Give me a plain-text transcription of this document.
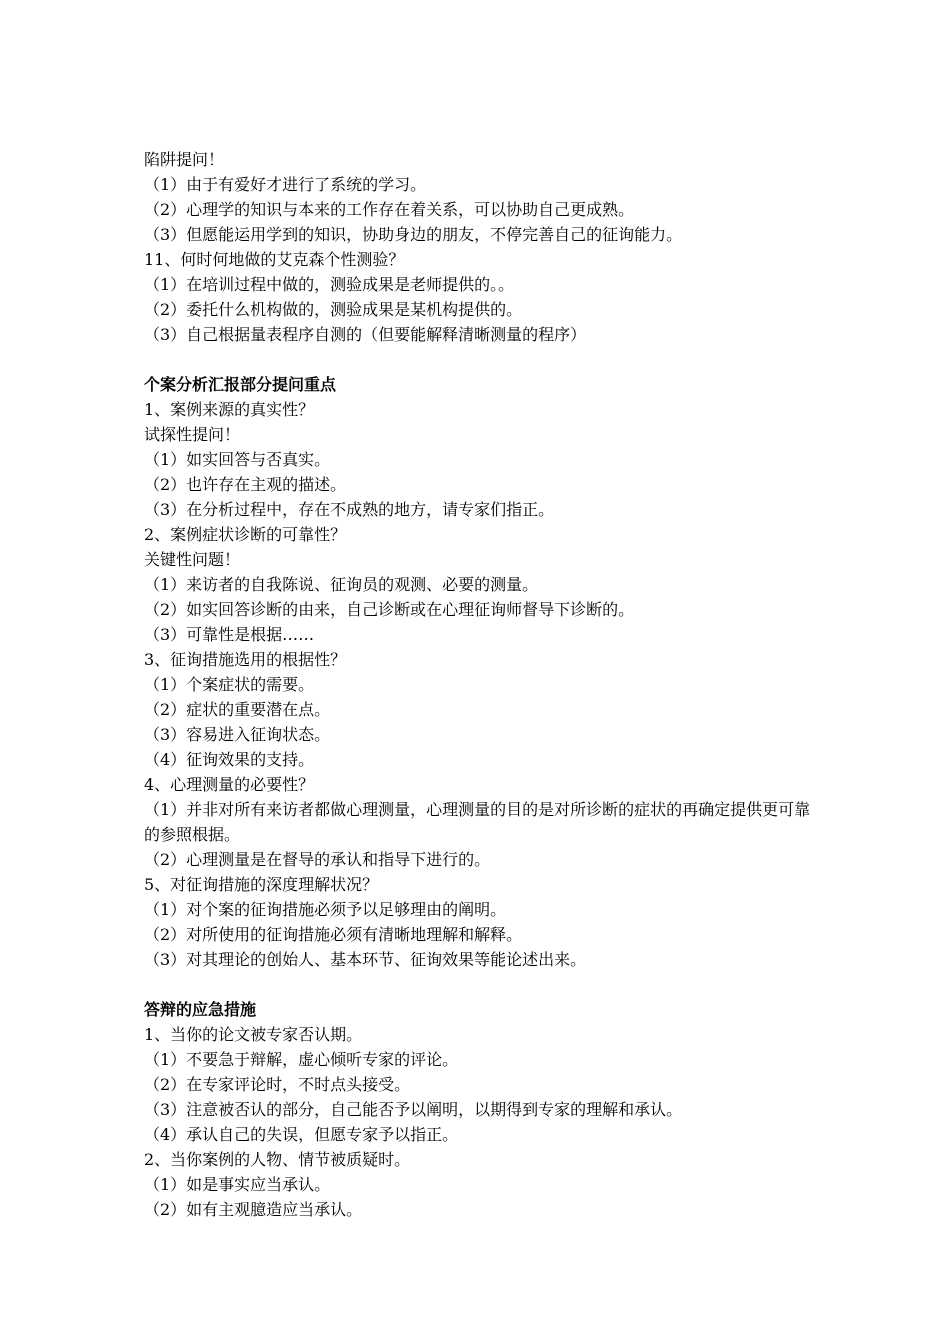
陷阱提问！
（1）由于有爱好才进行了系统的学习。
（2）心理学的知识与本来的工作存在着关系，可以协助自己更成熟。
（3）但愿能运用学到的知识，协助身边的朋友，不停完善自己的征询能力。
11、何时何地做的艾克森个性测验？
（1）在培训过程中做的，测验成果是老师提供的。。
（2）委托什么机构做的，测验成果是某机构提供的。
（3）自己根据量表程序自测的（但要能解释清晰测量的程序）
个案分析汇报部分提问重点
1、案例来源的真实性？
试探性提问！
（1）如实回答与否真实。
（2）也许存在主观的描述。
（3）在分析过程中，存在不成熟的地方，请专家们指正。
2、案例症状诊断的可靠性？
关键性问题！
（1）来访者的自我陈说、征询员的观测、必要的测量。
（2）如实回答诊断的由来，自己诊断或在心理征询师督导下诊断的。
（3）可靠性是根据……
3、征询措施选用的根据性？
（1）个案症状的需要。
（2）症状的重要潜在点。
（3）容易进入征询状态。
（4）征询效果的支持。
4、心理测量的必要性？
（1）并非对所有来访者都做心理测量，心理测量的目的是对所诊断的症状的再确定提供更可靠的参照根据。
（2）心理测量是在督导的承认和指导下进行的。
5、对征询措施的深度理解状况？
（1）对个案的征询措施必须予以足够理由的阐明。
（2）对所使用的征询措施必须有清晰地理解和解释。
（3）对其理论的创始人、基本环节、征询效果等能论述出来。
答辩的应急措施
1、当你的论文被专家否认期。
（1）不要急于辩解，虚心倾听专家的评论。
（2）在专家评论时，不时点头接受。
（3）注意被否认的部分，自己能否予以阐明，以期得到专家的理解和承认。
（4）承认自己的失误，但愿专家予以指正。
2、当你案例的人物、情节被质疑时。
（1）如是事实应当承认。
（2）如有主观臆造应当承认。
